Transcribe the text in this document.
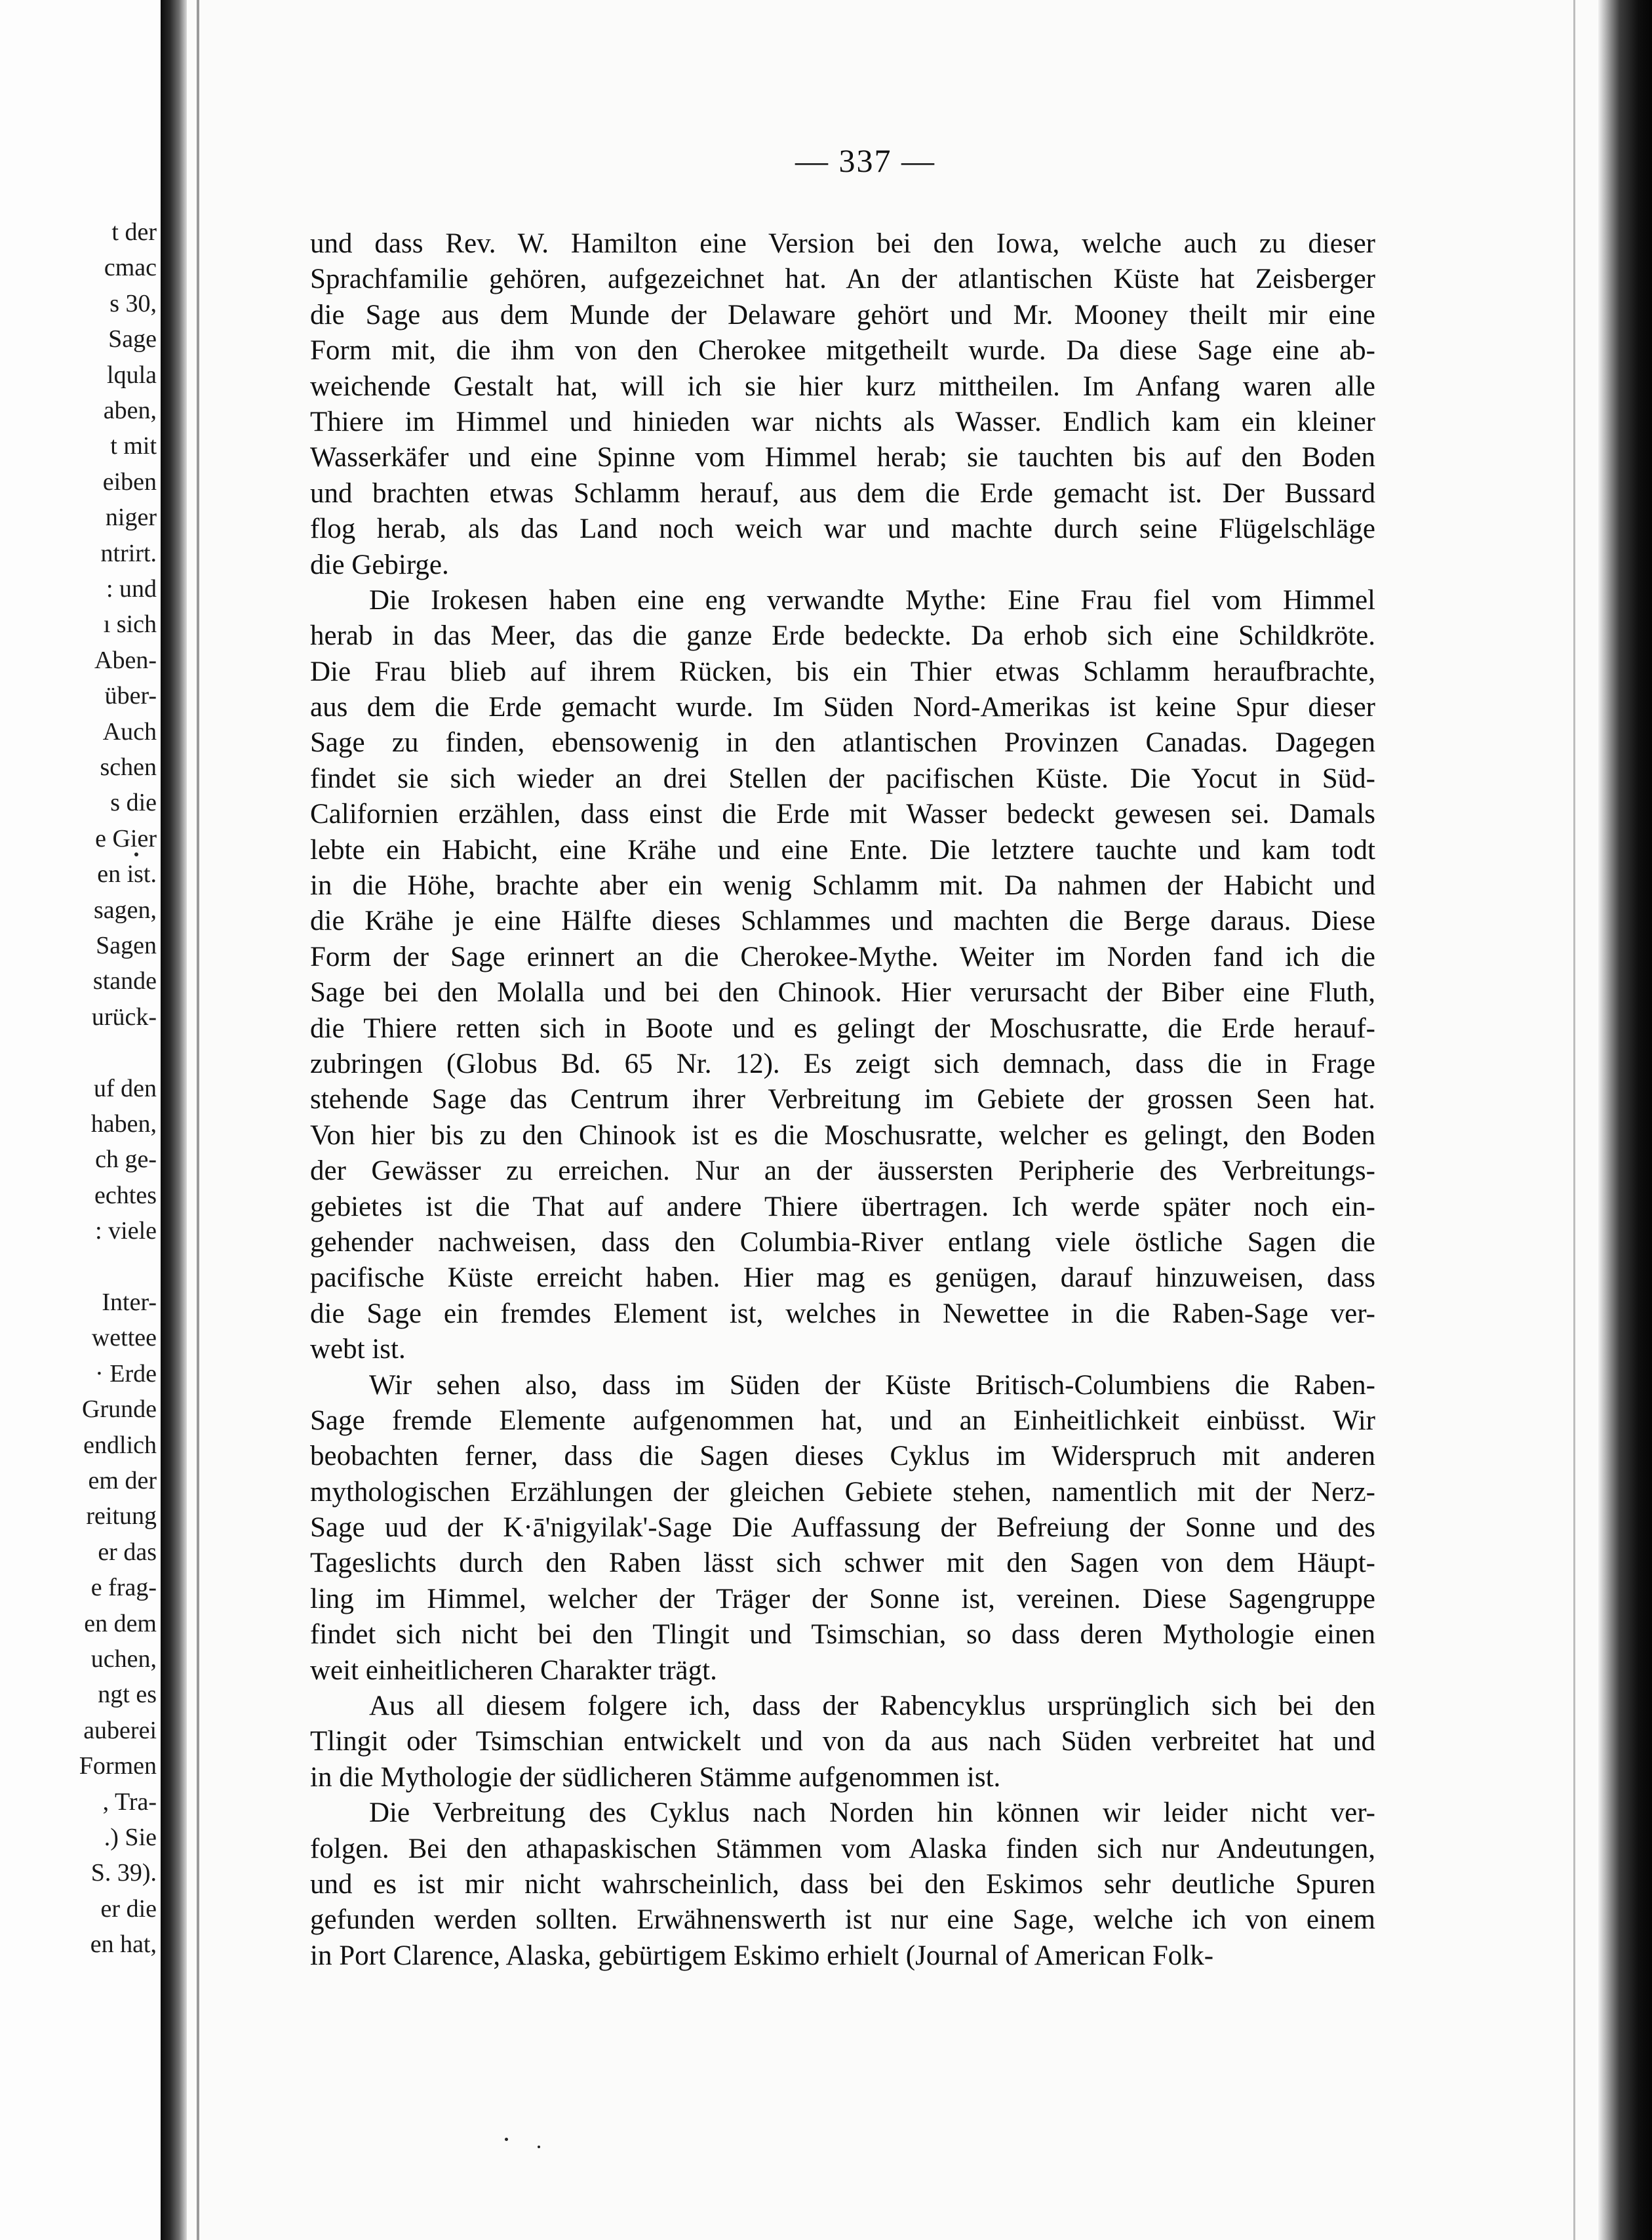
t der
cmac
s 30,
Sage
lqula
aben,
t mit
eiben
niger
ntrirt.
: und
ı sich
Aben-
über-
Auch
schen
s die
e Gier
en ist.
sagen,
Sagen
stande
urück-
uf den
haben,
ch ge-
echtes
: viele
Inter-
wettee
· Erde
Grunde
endlich
em der
reitung
er das
e frag-
en dem
uchen,
ngt es
auberei
Formen
, Tra-
.) Sie
S. 39).
er die
en hat,
— 337 —
und dass Rev. W. Hamilton eine Version bei den Iowa, welche auch zu dieser
Sprachfamilie gehören, aufgezeichnet hat. An der atlantischen Küste hat Zeisberger
die Sage aus dem Munde der Delaware gehört und Mr. Mooney theilt mir eine
Form mit, die ihm von den Cherokee mitgetheilt wurde. Da diese Sage eine ab-
weichende Gestalt hat, will ich sie hier kurz mittheilen. Im Anfang waren alle
Thiere im Himmel und hinieden war nichts als Wasser. Endlich kam ein kleiner
Wasserkäfer und eine Spinne vom Himmel herab; sie tauchten bis auf den Boden
und brachten etwas Schlamm herauf, aus dem die Erde gemacht ist. Der Bussard
flog herab, als das Land noch weich war und machte durch seine Flügelschläge
die Gebirge.
Die Irokesen haben eine eng verwandte Mythe: Eine Frau fiel vom Himmel
herab in das Meer, das die ganze Erde bedeckte. Da erhob sich eine Schildkröte.
Die Frau blieb auf ihrem Rücken, bis ein Thier etwas Schlamm heraufbrachte,
aus dem die Erde gemacht wurde. Im Süden Nord-Amerikas ist keine Spur dieser
Sage zu finden, ebensowenig in den atlantischen Provinzen Canadas. Dagegen
findet sie sich wieder an drei Stellen der pacifischen Küste. Die Yocut in Süd-
Californien erzählen, dass einst die Erde mit Wasser bedeckt gewesen sei. Damals
lebte ein Habicht, eine Krähe und eine Ente. Die letztere tauchte und kam todt
in die Höhe, brachte aber ein wenig Schlamm mit. Da nahmen der Habicht und
die Krähe je eine Hälfte dieses Schlammes und machten die Berge daraus. Diese
Form der Sage erinnert an die Cherokee-Mythe. Weiter im Norden fand ich die
Sage bei den Molalla und bei den Chinook. Hier verursacht der Biber eine Fluth,
die Thiere retten sich in Boote und es gelingt der Moschusratte, die Erde herauf-
zubringen (Globus Bd. 65 Nr. 12). Es zeigt sich demnach, dass die in Frage
stehende Sage das Centrum ihrer Verbreitung im Gebiete der grossen Seen hat.
Von hier bis zu den Chinook ist es die Moschusratte, welcher es gelingt, den Boden
der Gewässer zu erreichen. Nur an der äussersten Peripherie des Verbreitungs-
gebietes ist die That auf andere Thiere übertragen. Ich werde später noch ein-
gehender nachweisen, dass den Columbia-River entlang viele östliche Sagen die
pacifische Küste erreicht haben. Hier mag es genügen, darauf hinzuweisen, dass
die Sage ein fremdes Element ist, welches in Newettee in die Raben-Sage ver-
webt ist.
Wir sehen also, dass im Süden der Küste Britisch-Columbiens die Raben-
Sage fremde Elemente aufgenommen hat, und an Einheitlichkeit einbüsst. Wir
beobachten ferner, dass die Sagen dieses Cyklus im Widerspruch mit anderen
mythologischen Erzählungen der gleichen Gebiete stehen, namentlich mit der Nerz-
Sage uud der K·ā'nigyilak'-Sage Die Auffassung der Befreiung der Sonne und des
Tageslichts durch den Raben lässt sich schwer mit den Sagen von dem Häupt-
ling im Himmel, welcher der Träger der Sonne ist, vereinen. Diese Sagengruppe
findet sich nicht bei den Tlingit und Tsimschian, so dass deren Mythologie einen
weit einheitlicheren Charakter trägt.
Aus all diesem folgere ich, dass der Rabencyklus ursprünglich sich bei den
Tlingit oder Tsimschian entwickelt und von da aus nach Süden verbreitet hat und
in die Mythologie der südlicheren Stämme aufgenommen ist.
Die Verbreitung des Cyklus nach Norden hin können wir leider nicht ver-
folgen. Bei den athapaskischen Stämmen vom Alaska finden sich nur Andeutungen,
und es ist mir nicht wahrscheinlich, dass bei den Eskimos sehr deutliche Spuren
gefunden werden sollten. Erwähnenswerth ist nur eine Sage, welche ich von einem
in Port Clarence, Alaska, gebürtigem Eskimo erhielt (Journal of American Folk-
